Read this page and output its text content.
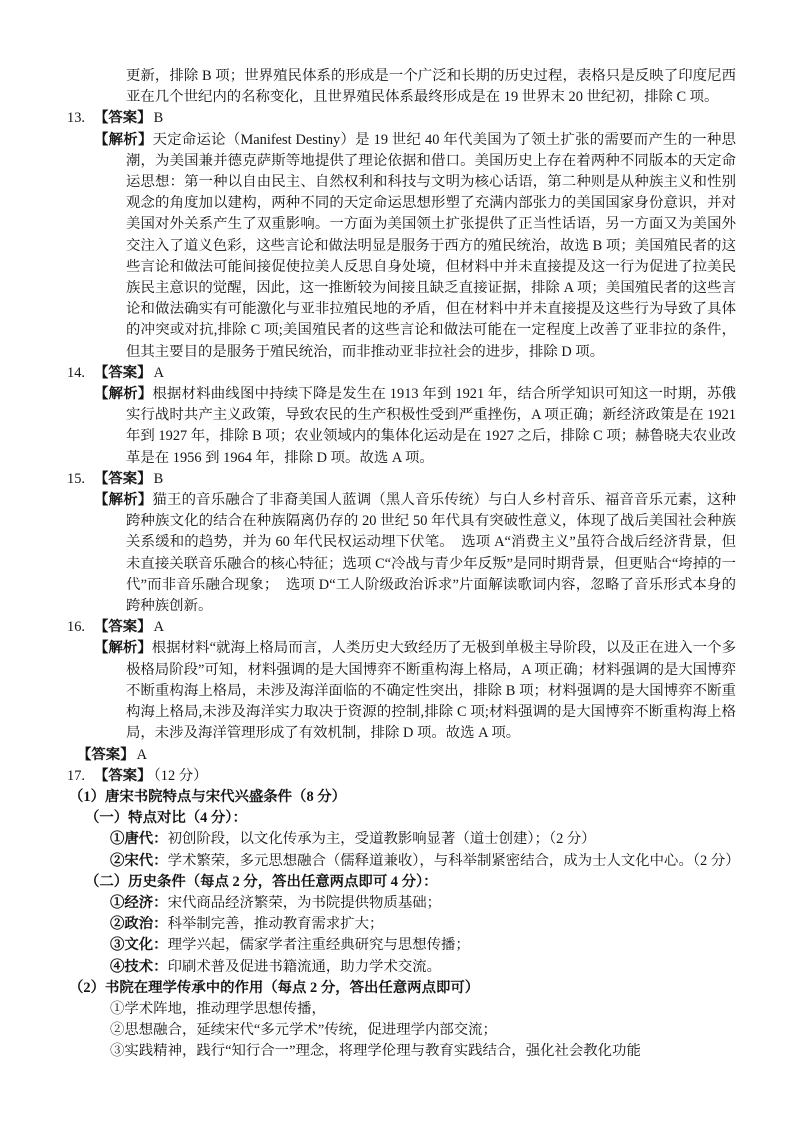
更新，排除 B 项；世界殖民体系的形成是一个广泛和长期的历史过程，表格只是反映了印度尼西亚在几个世纪内的名称变化，且世界殖民体系最终形成是在 19 世界末 20 世纪初，排除 C 项。

13. 【答案】 B

【解析】天定命运论（Manifest Destiny）是 19 世纪 40 年代美国为了领土扩张的需要而产生的一种思潮，为美国兼并德克萨斯等地提供了理论依据和借口。美国历史上存在着两种不同版本的天定命运思想：第一种以自由民主、自然权利和科技与文明为核心话语，第二种则是从种族主义和性别观念的角度加以建构，两种不同的天定命运思想形塑了充满内部张力的美国国家身份意识，并对美国对外关系产生了双重影响。一方面为美国领土扩张提供了正当性话语，另一方面又为美国外交注入了道义色彩，这些言论和做法明显是服务于西方的殖民统治，故选 B 项；美国殖民者的这些言论和做法可能间接促使拉美人反思自身处境，但材料中并未直接提及这一行为促进了拉美民族民主意识的觉醒，因此，这一推断较为间接且缺乏直接证据，排除 A 项；美国殖民者的这些言论和做法确实有可能激化与亚非拉殖民地的矛盾，但在材料中并未直接提及这些行为导致了具体的冲突或对抗,排除 C 项;美国殖民者的这些言论和做法可能在一定程度上改善了亚非拉的条件，但其主要目的是服务于殖民统治，而非推动亚非拉社会的进步，排除 D 项。

14. 【答案】 A

【解析】根据材料曲线图中持续下降是发生在 1913 年到 1921 年，结合所学知识可知这一时期，苏俄实行战时共产主义政策，导致农民的生产积极性受到严重挫伤，A 项正确；新经济政策是在 1921 年到 1927 年，排除 B 项；农业领域内的集体化运动是在 1927 之后，排除 C 项；赫鲁晓夫农业改革是在 1956 到 1964 年，排除 D 项。故选 A 项。

15. 【答案】 B

【解析】猫王的音乐融合了非裔美国人蓝调（黑人音乐传统）与白人乡村音乐、福音音乐元素，这种跨种族文化的结合在种族隔离仍存的 20 世纪 50 年代具有突破性意义，体现了战后美国社会种族关系缓和的趋势，并为 60 年代民权运动埋下伏笔。　选项 A“消费主义”虽符合战后经济背景，但未直接关联音乐融合的核心特征；选项 C“冷战与青少年反叛”是同时期背景，但更贴合“垮掉的一代”而非音乐融合现象；　选项 D“工人阶级政治诉求”片面解读歌词内容，忽略了音乐形式本身的跨种族创新。

16. 【答案】 A

【解析】根据材料“就海上格局而言，人类历史大致经历了无极到单极主导阶段，以及正在进入一个多极格局阶段”可知，材料强调的是大国博弈不断重构海上格局，A 项正确；材料强调的是大国博弈不断重构海上格局，未涉及海洋面临的不确定性突出，排除 B 项；材料强调的是大国博弈不断重构海上格局,未涉及海洋实力取决于资源的控制,排除 C 项;材料强调的是大国博弈不断重构海上格局，未涉及海洋管理形成了有效机制，排除 D 项。故选 A 项。

【答案】 A
17. 【答案】 （12 分）
（1）唐宋书院特点与宋代兴盛条件（8 分）
（一）特点对比（4 分）：
①唐代：初创阶段，以文化传承为主，受道教影响显著（道士创建）；（2 分）
②宋代：学术繁荣，多元思想融合（儒释道兼收），与科举制紧密结合，成为士人文化中心。（2 分）
（二）历史条件（每点 2 分，答出任意两点即可 4 分）：
①经济：宋代商品经济繁荣，为书院提供物质基础；
②政治：科举制完善，推动教育需求扩大；
③文化：理学兴起，儒家学者注重经典研究与思想传播；
④技术：印刷术普及促进书籍流通，助力学术交流。
（2）书院在理学传承中的作用（每点 2 分，答出任意两点即可）
①学术阵地，推动理学思想传播，
②思想融合，延续宋代“多元学术”传统，促进理学内部交流；
③实践精神，践行“知行合一”理念，将理学伦理与教育实践结合，强化社会教化功能
